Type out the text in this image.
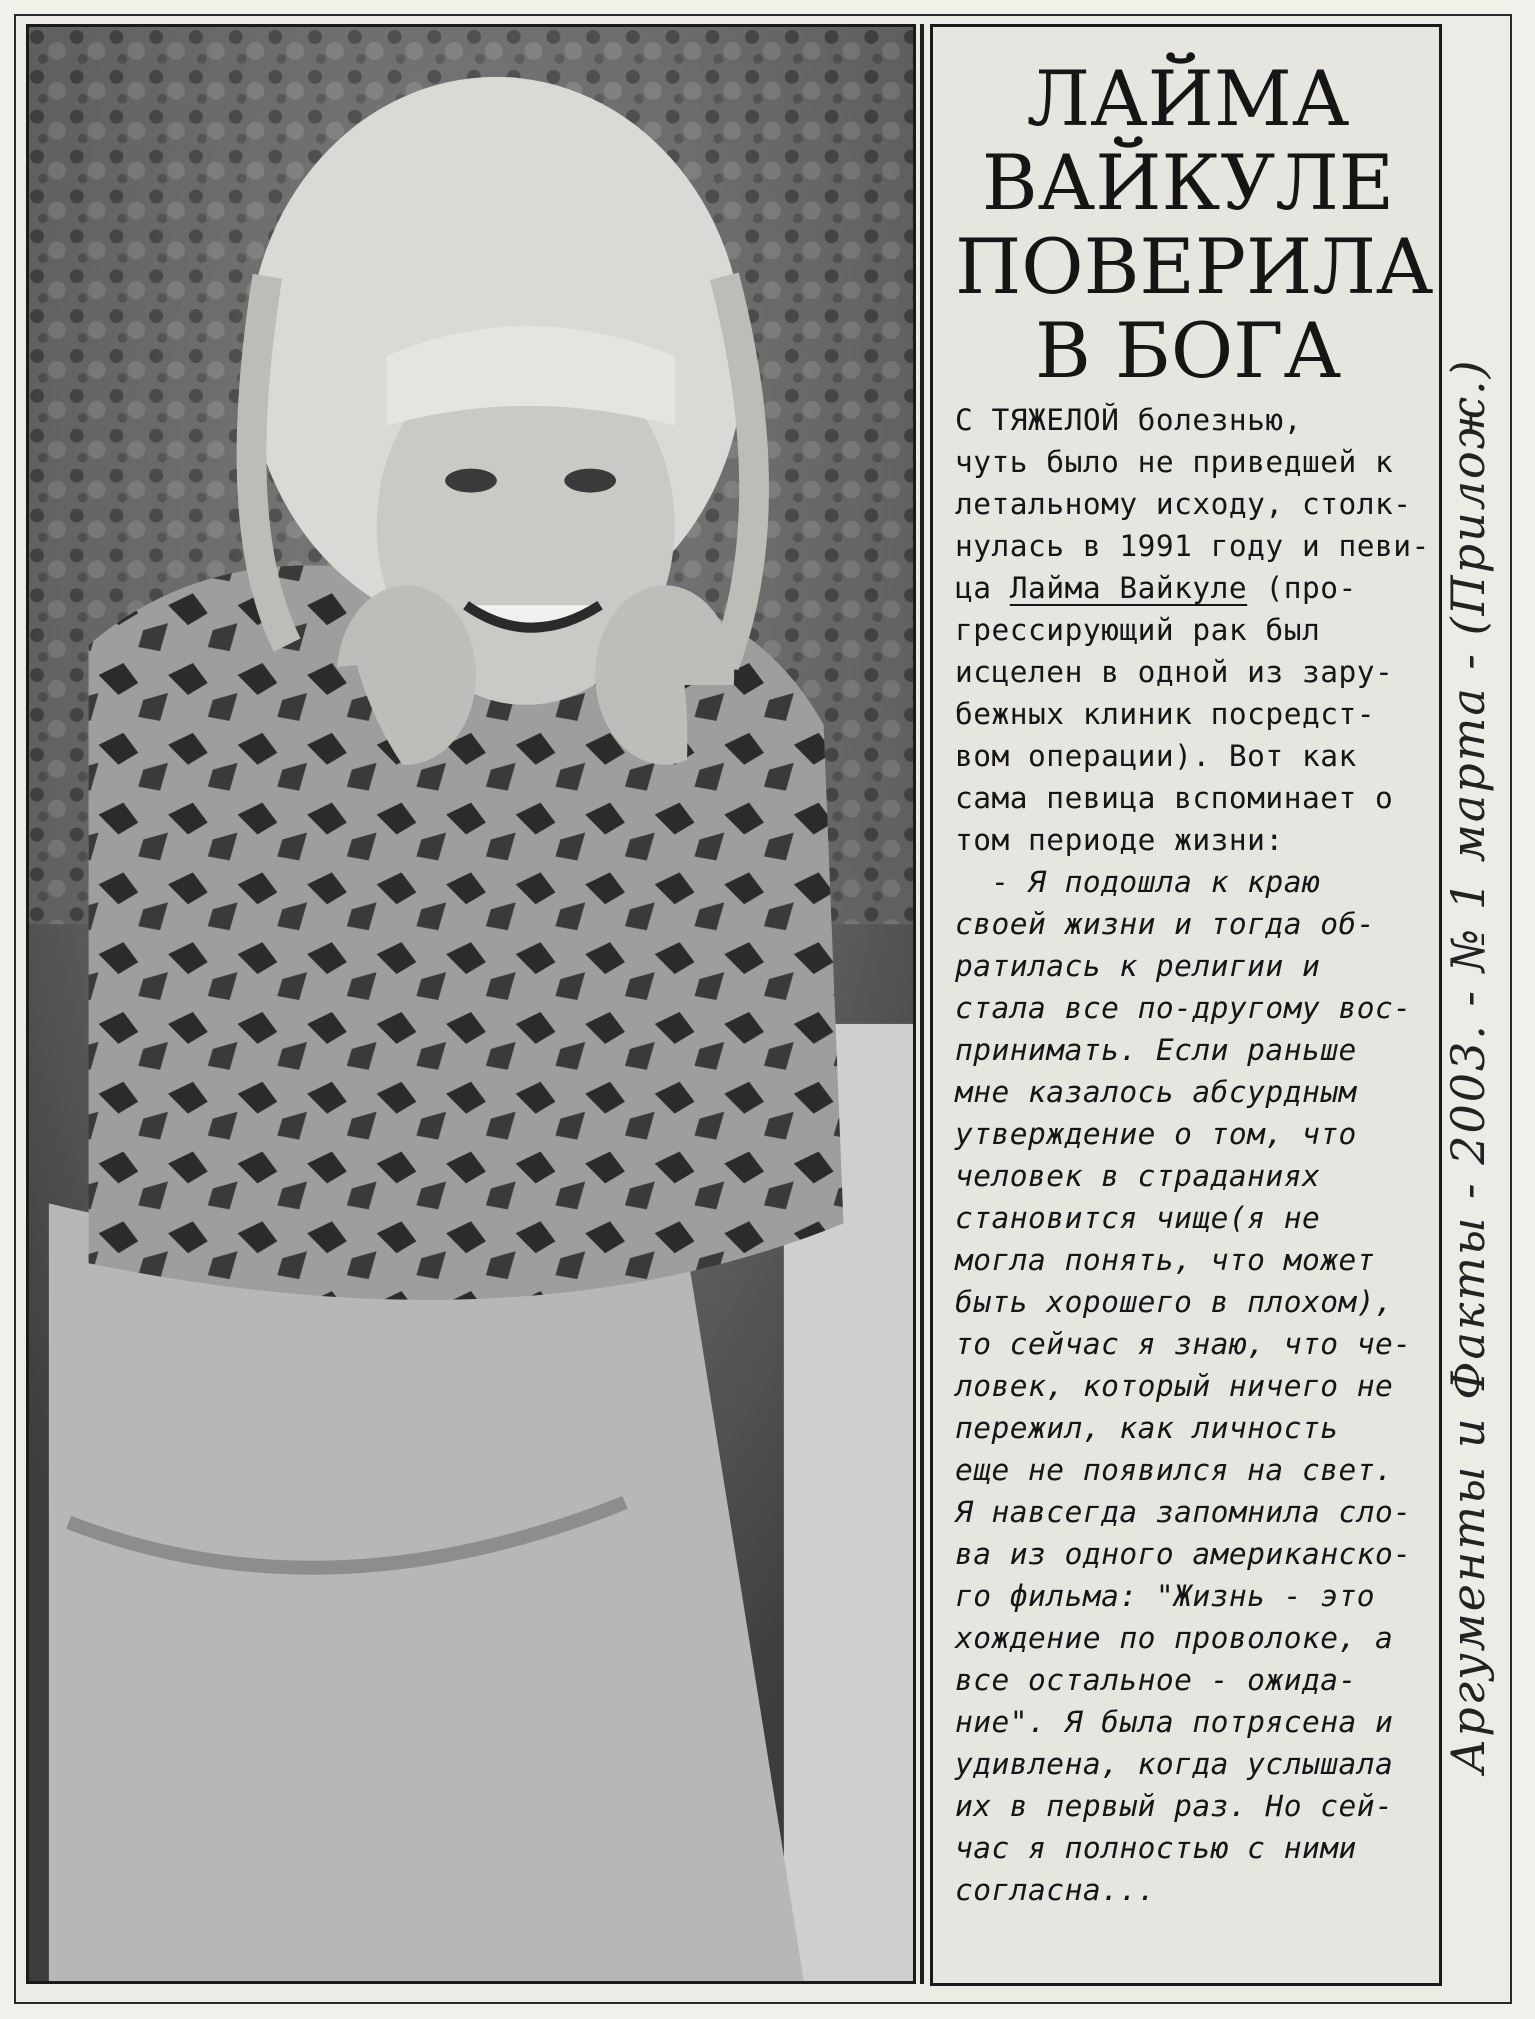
ЛАЙМА
ВАЙКУЛЕ
ПОВЕРИЛА
В БОГА
С ТЯЖЕЛОЙ болезнью,
чуть было не приведшей к
летальному исходу, столк-
нулась в 1991 году и певи-
ца Лайма Вайкуле (про-
грессирующий рак был
исцелен в одной из зару-
бежных клиник посредст-
вом операции). Вот как
сама певица вспоминает о
том периоде жизни:
- Я подошла к краю
своей жизни и тогда об-
ратилась к религии и
стала все по-другому вос-
принимать. Если раньше
мне казалось абсурдным
утверждение о том, что
человек в страданиях
становится чище(я не
могла понять, что может
быть хорошего в плохом),
то сейчас я знаю, что че-
ловек, который ничего не
пережил, как личность
еще не появился на свет.
Я навсегда запомнила сло-
ва из одного американско-
го фильма: "Жизнь - это
хождение по проволоке, а
все остальное - ожида-
ние". Я была потрясена и
удивлена, когда услышала
их в первый раз. Но сей-
час я полностью с ними
согласна...
Аргументы и Факты - 2003. - № 1 марта - (Прилож.)
